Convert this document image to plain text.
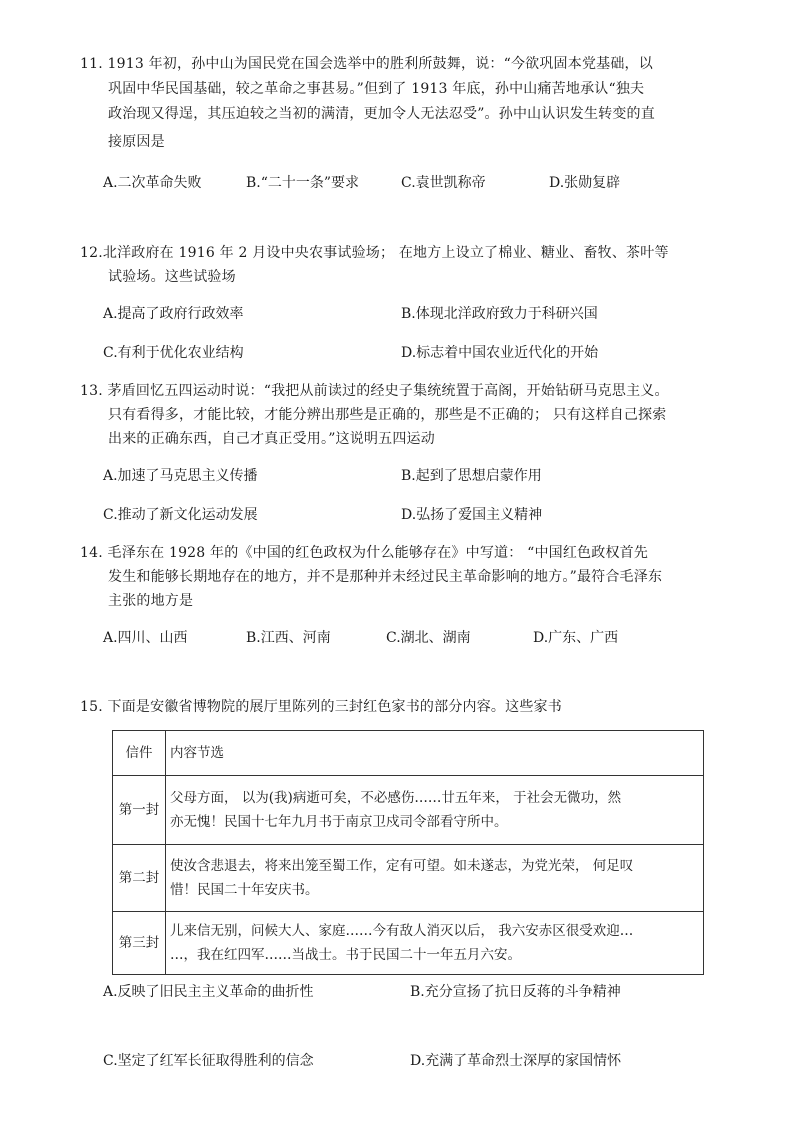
11. 1913 年初，孙中山为国民党在国会选举中的胜利所鼓舞，说：“今欲巩固本党基础，以
巩固中华民国基础，较之革命之事甚易。”但到了 1913 年底，孙中山痛苦地承认“独夫
政治现又得逞，其压迫较之当初的满清，更加令人无法忍受”。孙中山认识发生转变的直
接原因是
A.二次革命失败	B.“二十一条”要求	C.袁世凯称帝	D.张勋复辟
12.北洋政府在 1916 年 2 月设中央农事试验场； 在地方上设立了棉业、糖业、畜牧、茶叶等
试验场。这些试验场
A.提高了政府行政效率	B.体现北洋政府致力于科研兴国
C.有利于优化农业结构	D.标志着中国农业近代化的开始
13. 茅盾回忆五四运动时说：“我把从前读过的经史子集统统置于高阁，开始钻研马克思主义。
只有看得多，才能比较，才能分辨出那些是正确的，那些是不正确的； 只有这样自己探索
出来的正确东西，自己才真正受用。”这说明五四运动
A.加速了马克思主义传播	B.起到了思想启蒙作用
C.推动了新文化运动发展	D.弘扬了爱国主义精神
14. 毛泽东在 1928 年的《中国的红色政权为什么能够存在》中写道： “中国红色政权首先
发生和能够长期地存在的地方，并不是那种并未经过民主革命影响的地方。”最符合毛泽东
主张的地方是
A.四川、山西	B.江西、河南	C.湖北、湖南	D.广东、广西
15. 下面是安徽省博物院的展厅里陈列的三封红色家书的部分内容。这些家书
信件	内容节选
第一封	父母方面， 以为(我)病逝可矣，不必感伤……廿五年来， 于社会无微功，然
亦无愧！民国十七年九月书于南京卫戍司令部看守所中。

第二封	使汝含悲退去，将来出笼至蜀工作，定有可望。如未遂志，为党光荣， 何足叹
惜！民国二十年安庆书。

第三封	儿来信无别，问候大人、家庭……今有敌人消灭以后， 我六安赤区很受欢迎…
…，我在红四军……当战士。书于民国二十一年五月六安。
A.反映了旧民主主义革命的曲折性	B.充分宣扬了抗日反蒋的斗争精神
C.坚定了红军长征取得胜利的信念	D.充满了革命烈士深厚的家国情怀
